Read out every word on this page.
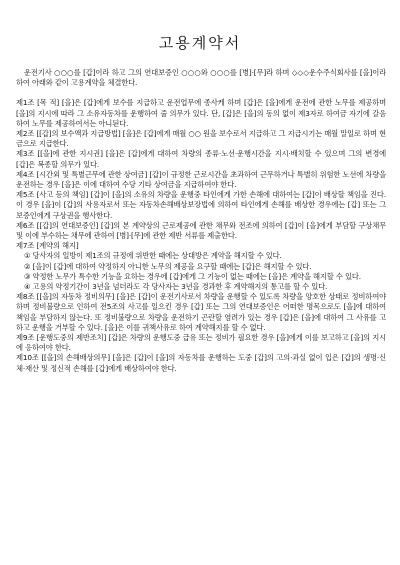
고용계약서

운전기사 ○○○를 [갑]이라 하고 그의 연대보증인 ○○○와 ○○○를 [병]·[무]라 하며 ◇◇◇운수주식회사를 [을]이라 하여 아래와 같이 고용계약을 체결한다.

제1조 [목 적] [을]은 [갑]에게 보수를 지급하고 운전업무에 종사케 하며 [갑]은 [을]에게 운전에 관한 노무를 제공하며 [을]의 지시에 따라 그 소유자동차를 운행하여 줄 의무가 있다. 단, [갑]은 [을]의 동의 없이 제3자로 하여금 자기에 갈음하여 노무를 제공하여서는 아니된다.

제2조 [[갑]의 보수액과 지급방법] [을]은 [갑]에게 매월 ○○ 원을 보수로서 지급하고 그 지급시기는 매월 말일로 하며 현금으로 지급한다.

제3조 [[을]에 관한 지시권] [을]은 [갑]에게 대하여 차량의 종류·노선·운행시간을 지시·배치할 수 있으며 그의 변경에 [갑]은 복종할 의무가 있다.

제4조 [시간외 및 특별근무에 관한 상여금] [갑]이 규정한 근로시간을 초과하여 근무하거나 특별히 위험한 노선에 차량을 운전하는 경우 [을]은 이에 대하여 수당 기타 상여금을 지급하여야 한다.

제5조 [사고 등의 책임] [갑]이 [을]의 소유의 차량을 운행중 타인에게 가한 손해에 대하여는 [갑]이 배상할 책임을 진다. 이 경우 [을]이 [갑]의 사용자로서 또는 자동차손해배상보장법에 의하여 타인에게 손해를 배상한 경우에는 [갑] 또는 그 보증인에게 구상권을 행사한다.

제6조 [[갑]의 연대보증인] [갑]의 본 계약상의 근로제공에 관한 채무와 전조에 의하여 [갑]이 [을]에게 부담할 구상채무 및 이에 부수하는 채무에 관하여 [병]·[무]에 관한 제반 서류를 제출한다.

제7조 [계약의 해지]

① 당사자의 일방이 제1조의 규정에 위반한 때에는 상대방은 계약을 해지할 수 있다.

② [을]이 [갑]에 대하여 약정하지 아니한 노무의 제공을 요구할 때에는 [갑]은 해지할 수 있다.

③ 약정한 노무가 특수한 기능을 요하는 경우에 [갑]에게 그 기능이 없는 때에는 [을]은 계약을 해지할 수 있다.

④ 고용의 약정기간이 3년을 넘더라도 각 당사자는 3년을 경과한 후 계약해지의 통고를 할 수 있다.

제8조 [[을]의 자동차 정비의무] [을]은 [갑]이 운전기사로서 차량을 운행할 수 있도록 차량을 양호한 상태로 정비하여야 하며 정비불량으로 인하여 전5조의 사고를 일으킨 경우 [갑] 또는 그의 연대보증인은 어떠한 명목으로도 [을]에 대하여 책임을 부담하지 않는다. 또 정비불량으로 차량을 운전하기 곤란할 염려가 있는 경우 [갑]은 [을]에 대하여 그 사유를 고하고 운행을 거부할 수 있다. [을]은 이를 귀책사유로 하여 계약해지를 할 수 없다.

제9조 [운행도중의 제반조치] [갑]은 차량의 운행도중 급유 또는 정비가 필요한 경우 [을]에게 이를 보고하고 [을]의 지시에 응하여야 한다.

제10조 [[을]의 손해배상의무] [을]은 [갑]이 [을]의 자동차를 운행하는 도중 [갑]의 고의·과실 없이 입은 [갑]의 생명·신체·재산 및 정신적 손해를 [갑]에게 배상하여야 한다.
